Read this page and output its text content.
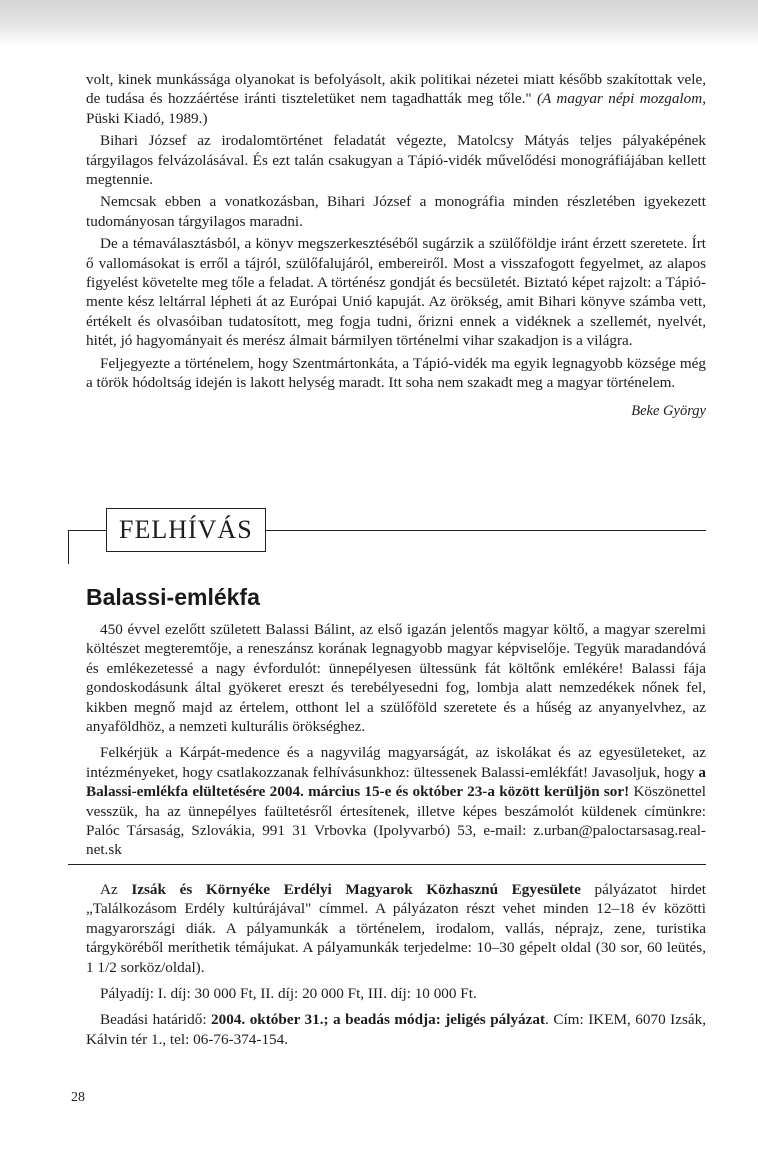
volt, kinek munkássága olyanokat is befolyásolt, akik politikai nézetei miatt később szakítottak vele, de tudása és hozzáértése iránti tiszteletüket nem tagadhatták meg tőle." (A magyar népi mozgalom, Püski Kiadó, 1989.)

Bihari József az irodalomtörténet feladatát végezte, Matolcsy Mátyás teljes pályaképének tárgyilagos felvázolásával. És ezt talán csakugyan a Tápió-vidék művelődési monográfiájában kellett megtennie.

Nemcsak ebben a vonatkozásban, Bihari József a monográfia minden részletében igyekezett tudományosan tárgyilagos maradni.

De a témaválasztásból, a könyv megszerkesztéséből sugárzik a szülőföldje iránt érzett szeretete. Írt ő vallomásokat is erről a tájról, szülőfalujáról, embereiről. Most a visszafogott fegyelmet, az alapos figyelést követelte meg tőle a feladat. A történész gondját és becsületét. Biztató képet rajzolt: a Tápió-mente kész leltárral lépheti át az Európai Unió kapuját. Az örökség, amit Bihari könyve számba vett, értékelt és olvasóiban tudatosított, meg fogja tudni, őrizni ennek a vidéknek a szellemét, nyelvét, hitét, jó hagyományait és merész álmait bármilyen történelmi vihar szakadjon is a világra.

Feljegyezte a történelem, hogy Szentmártonkáta, a Tápió-vidék ma egyik legnagyobb községe még a török hódoltság idején is lakott helység maradt. Itt soha nem szakadt meg a magyar történelem.

Beke György

FELHÍVÁS
Balassi-emlékfa

450 évvel ezelőtt született Balassi Bálint, az első igazán jelentős magyar költő, a magyar szerelmi költészet megteremtője, a reneszánsz korának legnagyobb magyar képviselője. Tegyük maradandóvá és emlékezetessé a nagy évfordulót: ünnepélyesen ültessünk fát költőnk emlékére! Balassi fája gondoskodásunk által gyökeret ereszt és terebélyesedni fog, lombja alatt nemzedékek nőnek fel, kikben megnő majd az értelem, otthont lel a szülőföld szeretete és a hűség az anyanyelvhez, az anyaföldhöz, a nemzeti kulturális örökséghez.

Felkérjük a Kárpát-medence és a nagyvilág magyarságát, az iskolákat és az egyesületeket, az intézményeket, hogy csatlakozzanak felhívásunkhoz: ültessenek Balassi-emlékfát! Javasoljuk, hogy a Balassi-emlékfa elültetésére 2004. március 15-e és október 23-a között kerüljön sor! Köszönettel vesszük, ha az ünnepélyes faültetésről értesítenek, illetve képes beszámolót küldenek címünkre: Palóc Társaság, Szlovákia, 991 31 Vrbovka (Ipolyvarbó) 53, e-mail: z.urban@paloctarsasag.real-net.sk

Az Izsák és Környéke Erdélyi Magyarok Közhasznú Egyesülete pályázatot hirdet „Találkozásom Erdély kultúrájával" címmel. A pályázaton részt vehet minden 12–18 év közötti magyarországi diák. A pályamunkák a történelem, irodalom, vallás, néprajz, zene, turistika tárgyköréből meríthetik témájukat. A pályamunkák terjedelme: 10–30 gépelt oldal (30 sor, 60 leütés, 1 1/2 sorköz/oldal).

Pályadíj: I. díj: 30 000 Ft, II. díj: 20 000 Ft, III. díj: 10 000 Ft.

Beadási határidő: 2004. október 31.; a beadás módja: jeligés pályázat. Cím: IKEM, 6070 Izsák, Kálvin tér 1., tel: 06-76-374-154.

28
